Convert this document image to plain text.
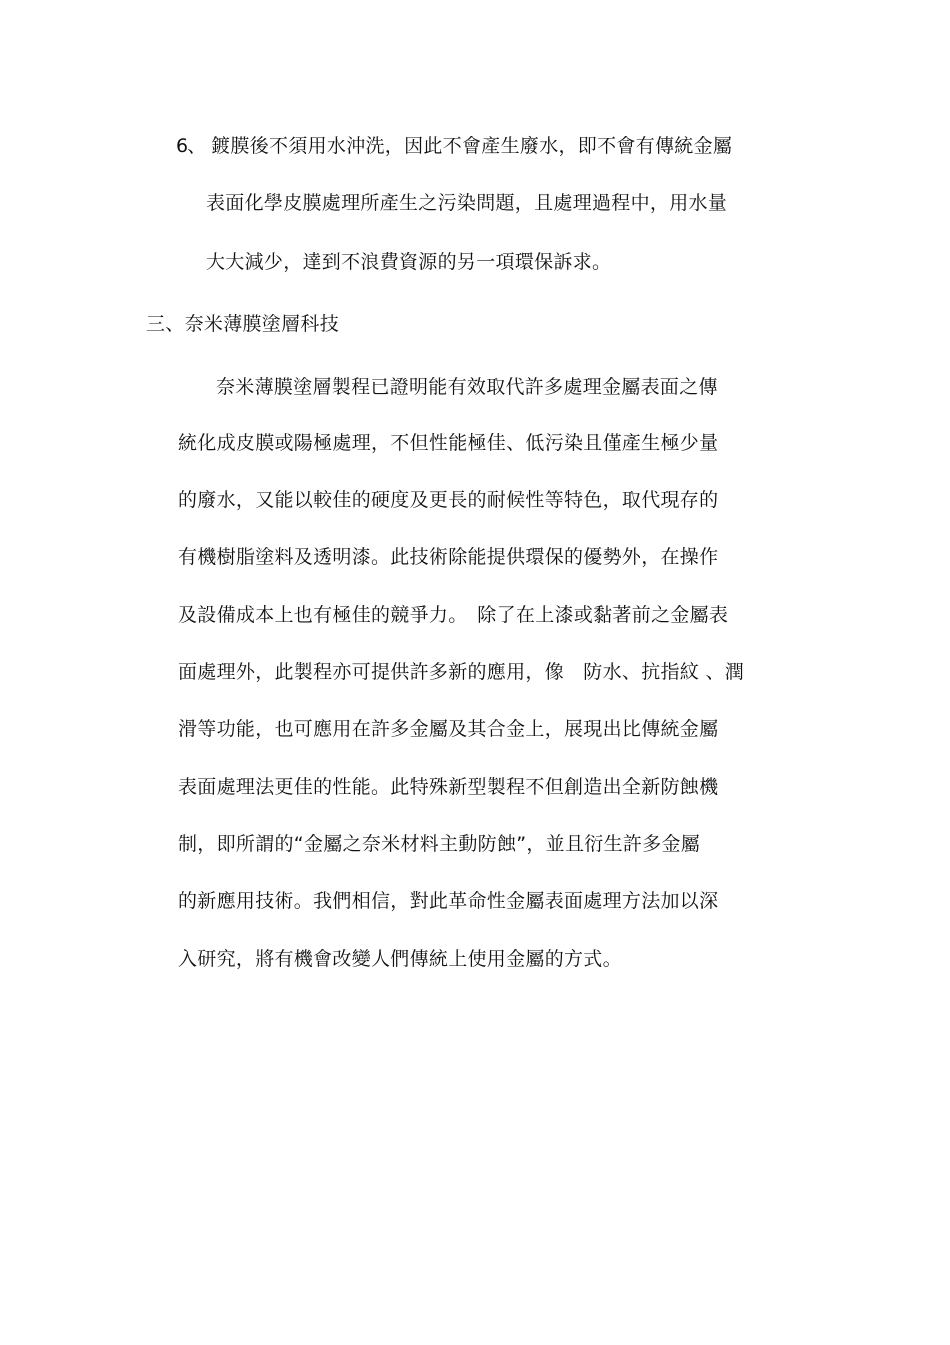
6、 鍍膜後不須用水沖洗，因此不會產生廢水，即不會有傳統金屬
表面化學皮膜處理所產生之污染問題，且處理過程中，用水量
大大減少，達到不浪費資源的另一項環保訴求。
三、奈米薄膜塗層科技
奈米薄膜塗層製程已證明能有效取代許多處理金屬表面之傳
統化成皮膜或陽極處理，不但性能極佳、低污染且僅產生極少量
的廢水，又能以較佳的硬度及更長的耐候性等特色，取代現存的
有機樹脂塗料及透明漆。此技術除能提供環保的優勢外，在操作
及設備成本上也有極佳的競爭力。　除了在上漆或黏著前之金屬表
面處理外，此製程亦可提供許多新的應用，像　防水、抗指紋 、潤
滑等功能，也可應用在許多金屬及其合金上，展現出比傳統金屬
表面處理法更佳的性能。此特殊新型製程不但創造出全新防蝕機
制，即所謂的“金屬之奈米材料主動防蝕”，並且衍生許多金屬
的新應用技術。我們相信，對此革命性金屬表面處理方法加以深
入研究，將有機會改變人們傳統上使用金屬的方式。
